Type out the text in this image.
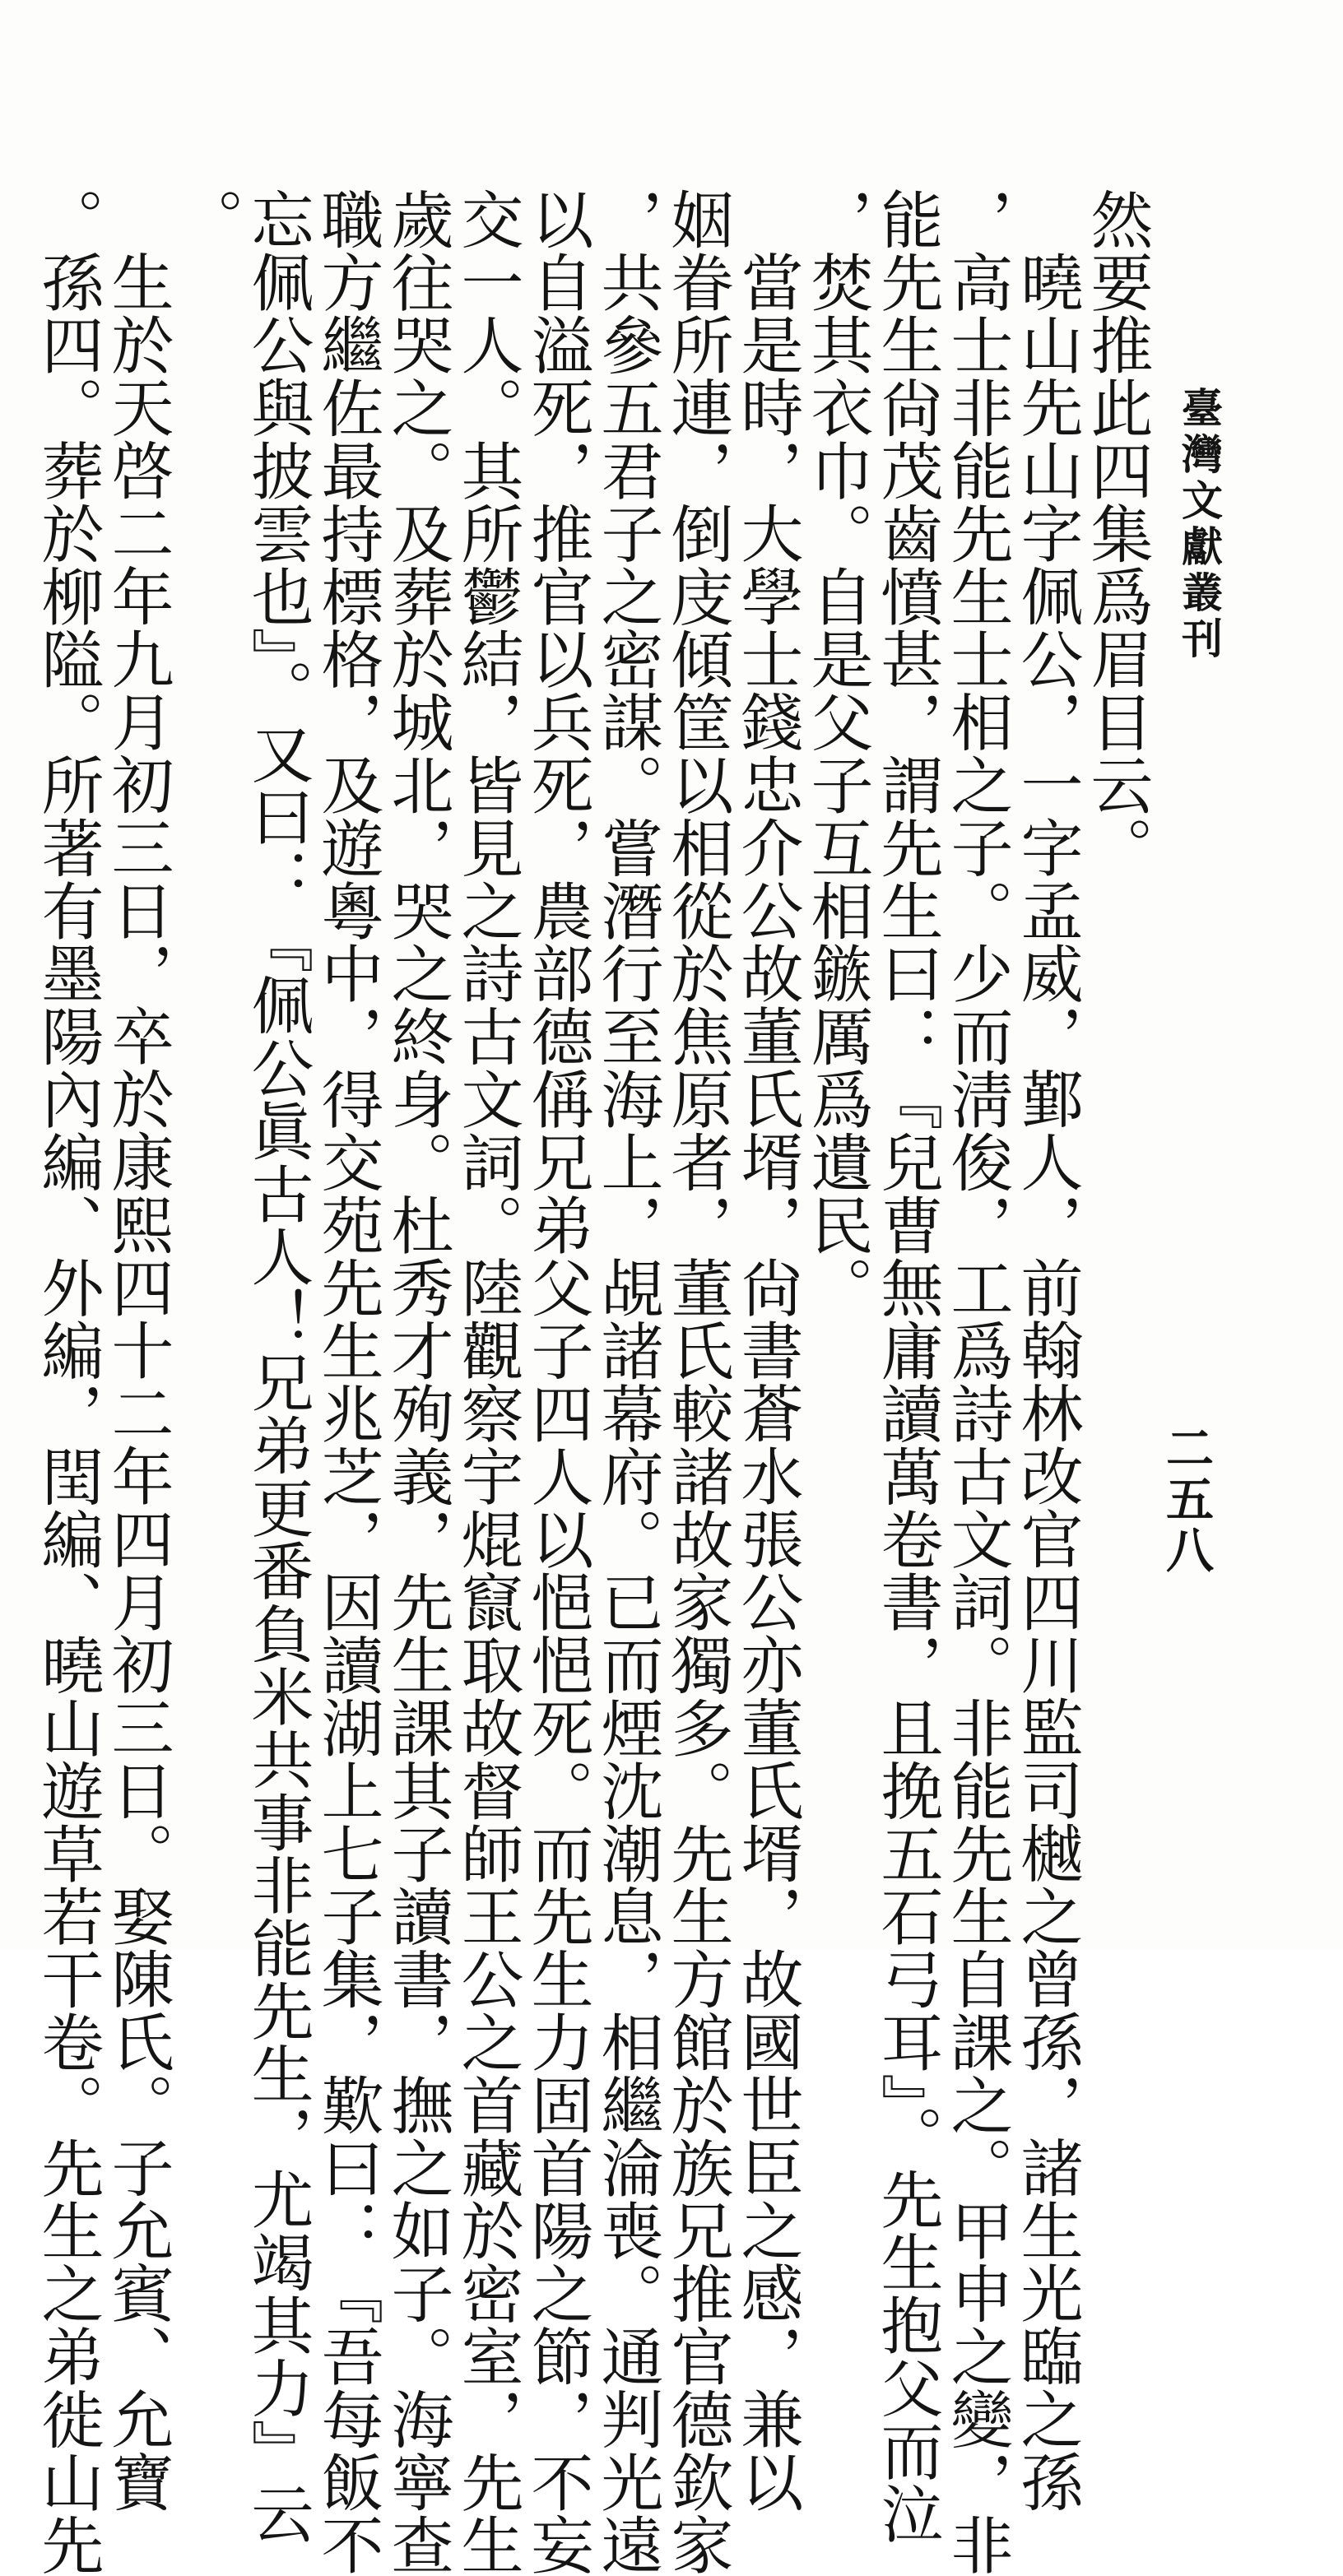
臺灣文獻叢刊
二五八

然要推此四集爲眉目云。

曉山先山字佩公，一字孟威，鄞人，前翰林改官四川監司樾之曾孫，諸生光臨之孫

，高士非能先生士相之子。少而淸俊，工爲詩古文詞。非能先生自課之。甲申之變，非

能先生尙茂齒憤甚，謂先生曰：『兒曹無庸讀萬卷書，且挽五石弓耳』。先生抱父而泣

，焚其衣巾。自是父子互相鏃厲爲遺民。

當是時，大學士錢忠介公故董氏壻，尙書蒼水張公亦董氏壻，故國世臣之感，兼以

姻眷所連，倒庋傾筐以相從於焦原者，董氏較諸故家獨多。先生方館於族兄推官德欽家

，共參五君子之密謀。嘗潛行至海上，覘諸幕府。已而煙沈潮息，相繼淪喪。通判光遠

以自溢死，推官以兵死，農部德偁兄弟父子四人以悒悒死。而先生力固首陽之節，不妄

交一人。其所鬱結，皆見之詩古文詞。陸觀察宇焜竄取故督師王公之首藏於密室，先生

歲往哭之。及葬於城北，哭之終身。杜秀才殉義，先生課其子讀書，撫之如子。海寧查

職方繼佐最持標格，及遊粵中，得交苑先生兆芝，因讀湖上七子集，歎曰：『吾每飯不

忘佩公與披雲也』。又曰：『佩公眞古人！兄弟更番負米共事非能先生，尤竭其力』云

。

生於天啓二年九月初三日，卒於康熙四十二年四月初三日。娶陳氏。子允賓、允寶

。孫四。葬於柳隘。所著有墨陽內編、外編，閏編、曉山遊草若干卷。先生之弟徙山先
